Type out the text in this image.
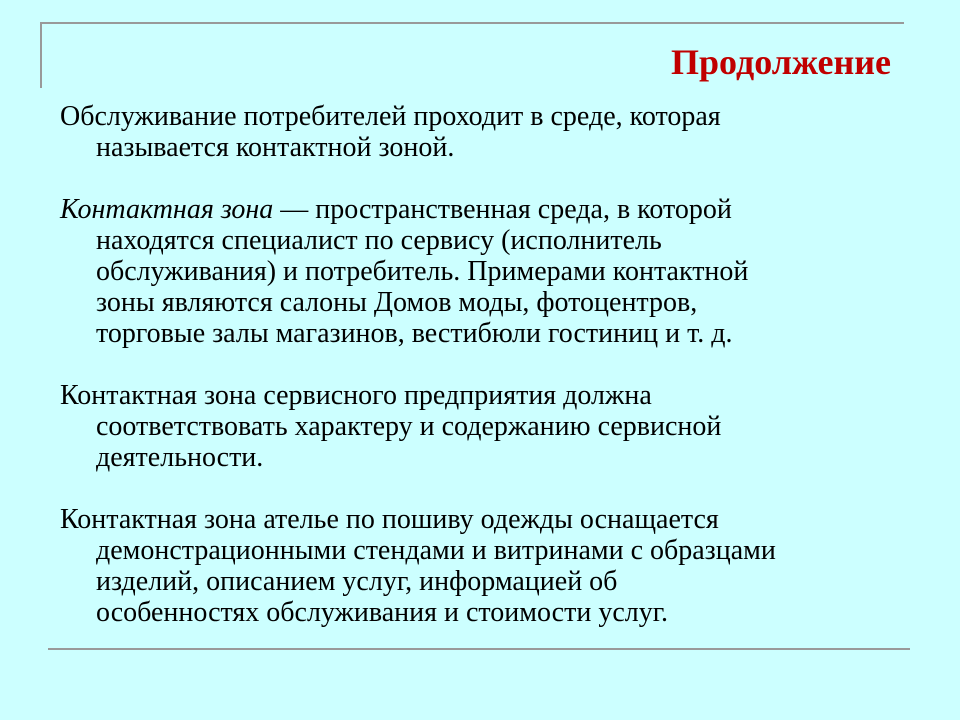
Продолжение

Обслуживание потребителей проходит в среде, которая
называется контактной зоной.

Контактная зона — пространственная среда, в которой
находятся специалист по сервису (исполнитель
обслуживания) и потребитель. Примерами контактной
зоны являются салоны Домов моды, фотоцентров,
торговые залы магазинов, вестибюли гостиниц и т. д.

Контактная зона сервисного предприятия должна
соответствовать характеру и содержанию сервисной
деятельности.

Контактная зона ателье по пошиву одежды оснащается
демонстрационными стендами и витринами с образцами
изделий, описанием услуг, информацией об
особенностях обслуживания и стоимости услуг.
